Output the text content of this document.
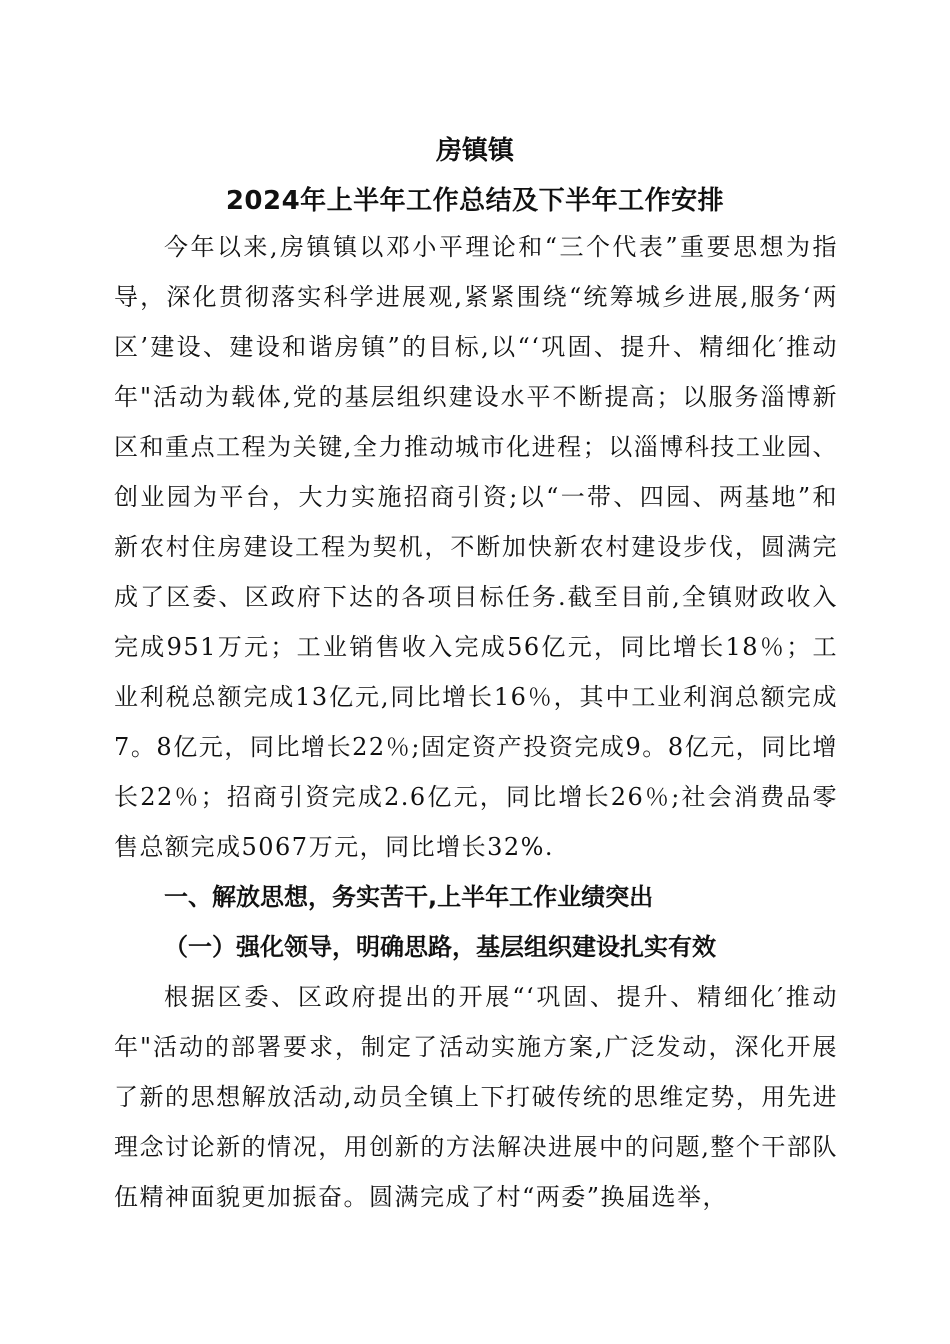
房镇镇
2024年上半年工作总结及下半年工作安排

今年以来,房镇镇以邓小平理论和“三个代表”重要思想为指导，深化贯彻落实科学进展观,紧紧围绕“统筹城乡进展,服务‘两区’建设、建设和谐房镇”的目标,以“‘巩固、提升、精细化′推动年"活动为载体,党的基层组织建设水平不断提高；以服务淄博新区和重点工程为关键,全力推动城市化进程；以淄博科技工业园、创业园为平台，大力实施招商引资;以“一带、四园、两基地”和新农村住房建设工程为契机，不断加快新农村建设步伐，圆满完成了区委、区政府下达的各项目标任务.截至目前,全镇财政收入完成951万元；工业销售收入完成56亿元，同比增长18％；工业利税总额完成13亿元,同比增长16％，其中工业利润总额完成7。8亿元，同比增长22％;固定资产投资完成9。8亿元，同比增长22％；招商引资完成2.6亿元，同比增长26％;社会消费品零售总额完成5067万元，同比增长32%.

一、解放思想，务实苦干,上半年工作业绩突出

（一）强化领导，明确思路，基层组织建设扎实有效

根据区委、区政府提出的开展“‘巩固、提升、精细化′推动年"活动的部署要求，制定了活动实施方案,广泛发动，深化开展了新的思想解放活动,动员全镇上下打破传统的思维定势，用先进理念讨论新的情况，用创新的方法解决进展中的问题,整个干部队伍精神面貌更加振奋。圆满完成了村“两委”换届选举，
